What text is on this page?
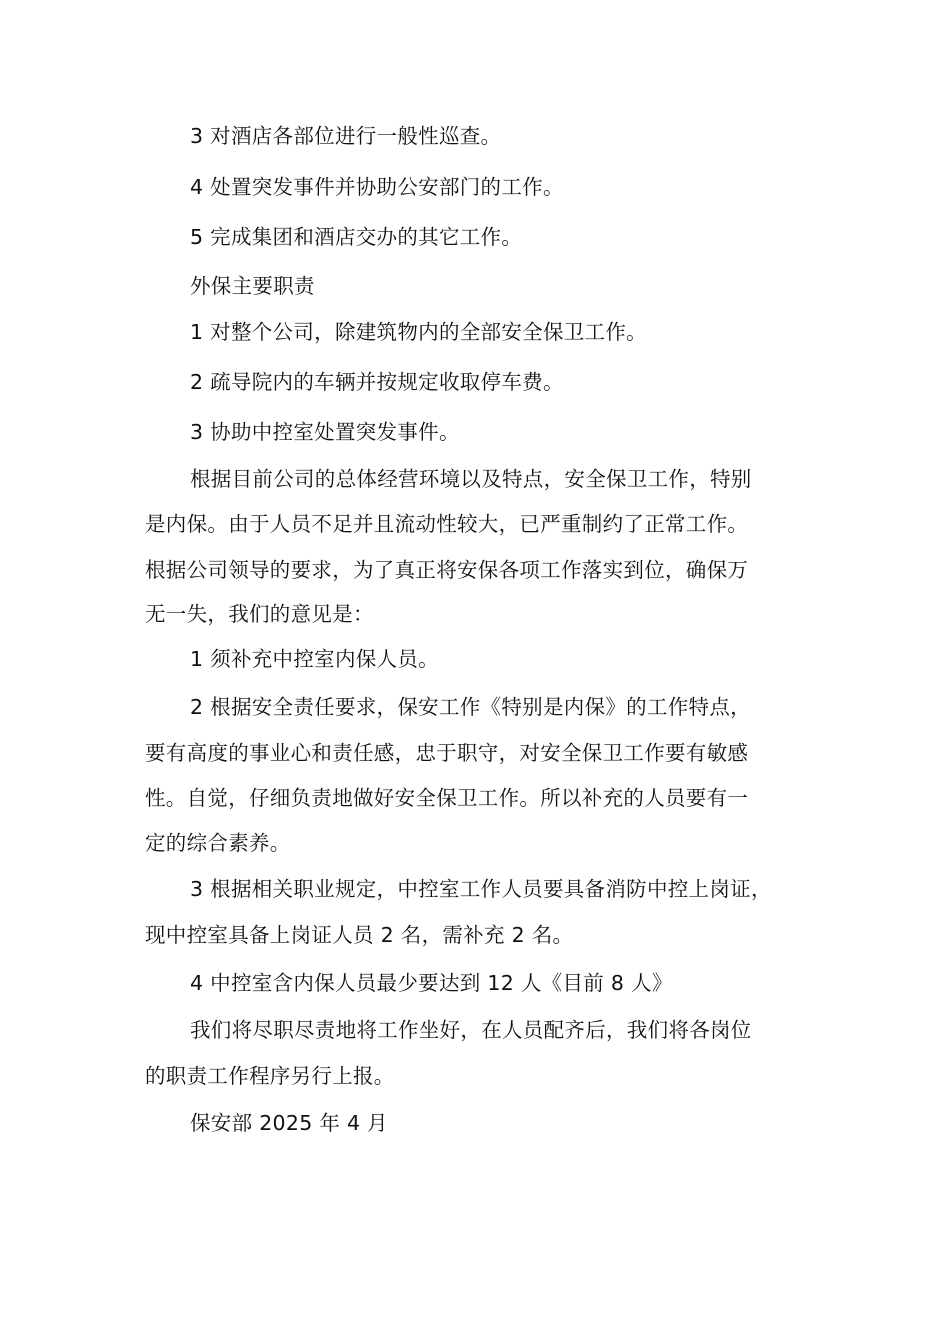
3 对酒店各部位进行一般性巡查。
4 处置突发事件并协助公安部门的工作。
5 完成集团和酒店交办的其它工作。
外保主要职责
1 对整个公司，除建筑物内的全部安全保卫工作。
2 疏导院内的车辆并按规定收取停车费。
3 协助中控室处置突发事件。
根据目前公司的总体经营环境以及特点，安全保卫工作，特别
是内保。由于人员不足并且流动性较大，已严重制约了正常工作。
根据公司领导的要求，为了真正将安保各项工作落实到位，确保万
无一失，我们的意见是：
1 须补充中控室内保人员。
2 根据安全责任要求，保安工作《特别是内保》的工作特点，
要有高度的事业心和责任感，忠于职守，对安全保卫工作要有敏感
性。自觉，仔细负责地做好安全保卫工作。所以补充的人员要有一
定的综合素养。
3 根据相关职业规定，中控室工作人员要具备消防中控上岗证，
现中控室具备上岗证人员 2 名，需补充 2 名。
4 中控室含内保人员最少要达到 12 人《目前 8 人》
我们将尽职尽责地将工作坐好，在人员配齐后，我们将各岗位
的职责工作程序另行上报。
保安部 2025 年 4 月
